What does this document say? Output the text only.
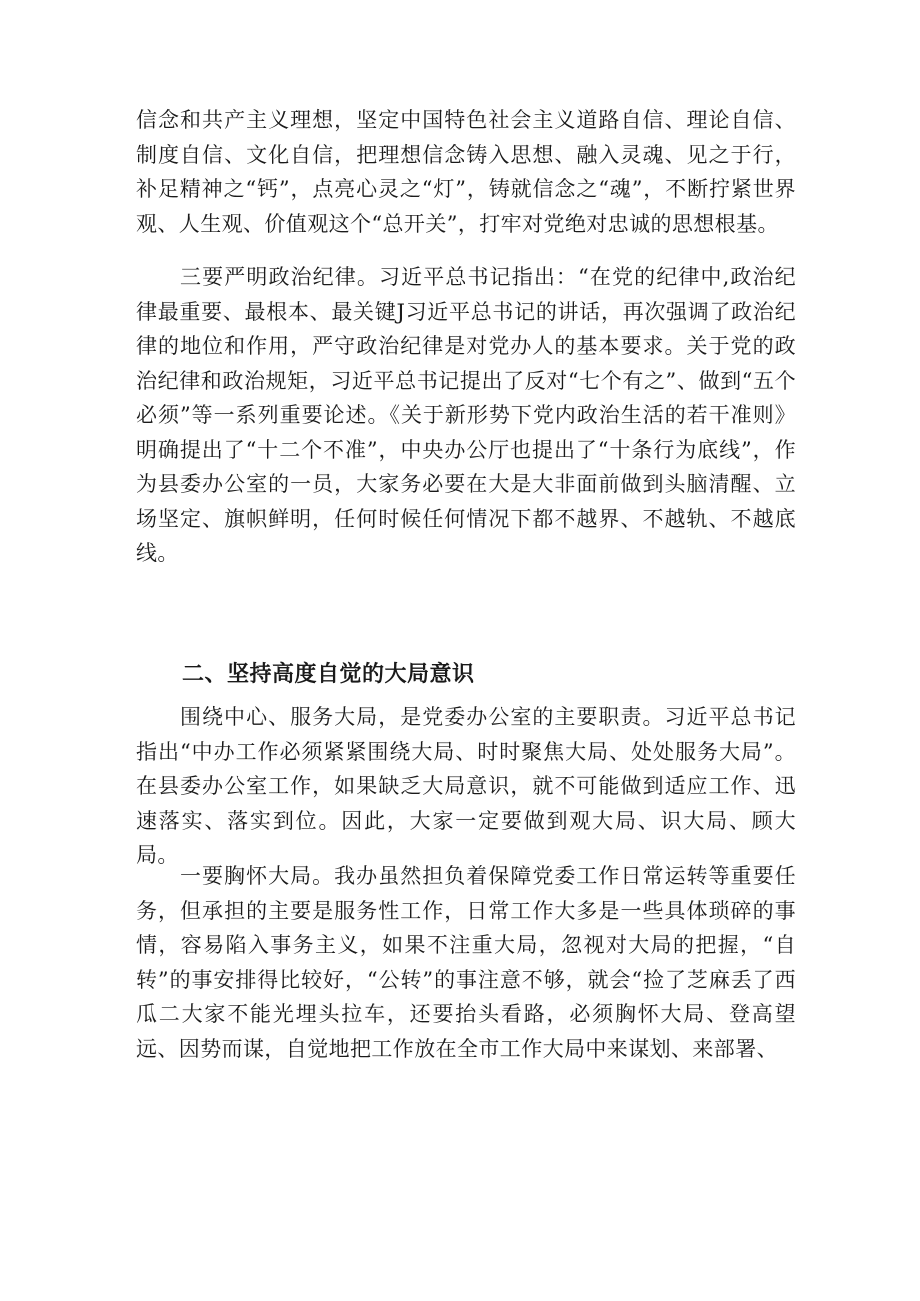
信念和共产主义理想，坚定中国特色社会主义道路自信、理论自信、制度自信、文化自信，把理想信念铸入思想、融入灵魂、见之于行，补足精神之“钙”，点亮心灵之“灯”，铸就信念之“魂”，不断拧紧世界观、人生观、价值观这个“总开关”，打牢对党绝对忠诚的思想根基。

三要严明政治纪律。习近平总书记指出：“在党的纪律中,政治纪律最重要、最根本、最关键J习近平总书记的讲话，再次强调了政治纪律的地位和作用，严守政治纪律是对党办人的基本要求。关于党的政治纪律和政治规矩，习近平总书记提出了反对“七个有之”、做到“五个必须”等一系列重要论述。《关于新形势下党内政治生活的若干准则》明确提出了“十二个不准”，中央办公厅也提出了“十条行为底线”，作为县委办公室的一员，大家务必要在大是大非面前做到头脑清醒、立场坚定、旗帜鲜明，任何时候任何情况下都不越界、不越轨、不越底线。

二、坚持高度自觉的大局意识

围绕中心、服务大局，是党委办公室的主要职责。习近平总书记指出“中办工作必须紧紧围绕大局、时时聚焦大局、处处服务大局”。在县委办公室工作，如果缺乏大局意识，就不可能做到适应工作、迅速落实、落实到位。因此，大家一定要做到观大局、识大局、顾大局。

一要胸怀大局。我办虽然担负着保障党委工作日常运转等重要任务，但承担的主要是服务性工作，日常工作大多是一些具体琐碎的事情，容易陷入事务主义，如果不注重大局，忽视对大局的把握，“自转”的事安排得比较好，“公转”的事注意不够，就会“捡了芝麻丢了西瓜二大家不能光埋头拉车，还要抬头看路，必须胸怀大局、登高望远、因势而谋，自觉地把工作放在全市工作大局中来谋划、来部署、
